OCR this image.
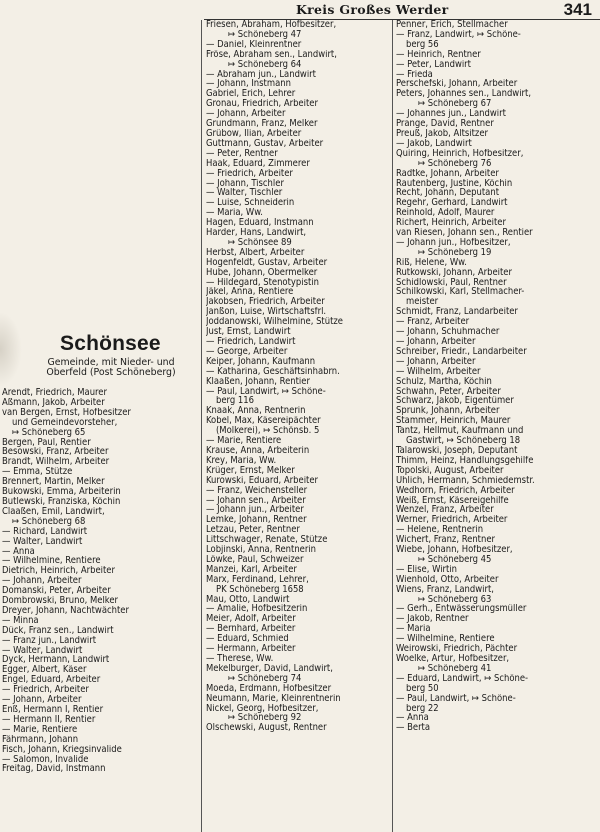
Kreis Großes Werder	341
Schönsee
Gemeinde, mit Nieder- und
Oberfeld (Post Schöneberg)
Arendt, Friedrich, Maurer
Aßmann, Jakob, Arbeiter
van Bergen, Ernst, Hofbesitzer
und Gemeindevorsteher,
↦ Schöneberg 65
Bergen, Paul, Rentier
Besowski, Franz, Arbeiter
Brandt, Wilhelm, Arbeiter
— Emma, Stütze
Brennert, Martin, Melker
Bukowski, Emma, Arbeiterin
Butlewski, Franziska, Köchin
Claaßen, Emil, Landwirt,
↦ Schöneberg 68
— Richard, Landwirt
— Walter, Landwirt
— Anna
— Wilhelmine, Rentiere
Dietrich, Heinrich, Arbeiter
— Johann, Arbeiter
Domanski, Peter, Arbeiter
Dombrowski, Bruno, Melker
Dreyer, Johann, Nachtwächter
— Minna
Dück, Franz sen., Landwirt
— Franz jun., Landwirt
— Walter, Landwirt
Dyck, Hermann, Landwirt
Egger, Albert, Käser
Engel, Eduard, Arbeiter
— Friedrich, Arbeiter
— Johann, Arbeiter
Enß, Hermann I, Rentier
— Hermann II, Rentier
— Marie, Rentiere
Fährmann, Johann
Fisch, Johann, Kriegsinvalide
— Salomon, Invalide
Freitag, David, Instmann
Friesen, Abraham, Hofbesitzer,
↦ Schöneberg 47
— Daniel, Kleinrentner
Fröse, Abraham sen., Landwirt,
↦ Schöneberg 64
— Abraham jun., Landwirt
— Johann, Instmann
Gabriel, Erich, Lehrer
Gronau, Friedrich, Arbeiter
— Johann, Arbeiter
Grundmann, Franz, Melker
Grübow, Ilian, Arbeiter
Guttmann, Gustav, Arbeiter
— Peter, Rentner
Haak, Eduard, Zimmerer
— Friedrich, Arbeiter
— Johann, Tischler
— Walter, Tischler
— Luise, Schneiderin
— Maria, Ww.
Hagen, Eduard, Instmann
Harder, Hans, Landwirt,
↦ Schönsee 89
Herbst, Albert, Arbeiter
Hogenfeldt, Gustav, Arbeiter
Hube, Johann, Obermelker
— Hildegard, Stenotypistin
Jäkel, Anna, Rentiere
Jakobsen, Friedrich, Arbeiter
Janßon, Luise, Wirtschaftsfrl.
Joddanowski, Wilhelmine, Stütze
Just, Ernst, Landwirt
— Friedrich, Landwirt
— George, Arbeiter
Keiper, Johann, Kaufmann
— Katharina, Geschäftsinhabrn.
Klaaßen, Johann, Rentier
— Paul, Landwirt, ↦ Schöne-
berg 116
Knaak, Anna, Rentnerin
Kobel, Max, Käsereipächter
(Molkerei), ↦ Schönsb. 5
— Marie, Rentiere
Krause, Anna, Arbeiterin
Krey, Maria, Ww.
Krüger, Ernst, Melker
Kurowski, Eduard, Arbeiter
— Franz, Weichensteller
— Johann sen., Arbeiter
— Johann jun., Arbeiter
Lemke, Johann, Rentner
Letzau, Peter, Rentner
Littschwager, Renate, Stütze
Lobjinski, Anna, Rentnerin
Löwke, Paul, Schweizer
Manzei, Karl, Arbeiter
Marx, Ferdinand, Lehrer,
PK Schöneberg 1658
Mau, Otto, Landwirt
— Amalie, Hofbesitzerin
Meier, Adolf, Arbeiter
— Bernhard, Arbeiter
— Eduard, Schmied
— Hermann, Arbeiter
— Therese, Ww.
Mekelburger, David, Landwirt,
↦ Schöneberg 74
Moeda, Erdmann, Hofbesitzer
Neumann, Marie, Kleinrentnerin
Nickel, Georg, Hofbesitzer,
↦ Schöneberg 92
Olschewski, August, Rentner
Penner, Erich, Stellmacher
— Franz, Landwirt, ↦ Schöne-
berg 56
— Heinrich, Rentner
— Peter, Landwirt
— Frieda
Perschefski, Johann, Arbeiter
Peters, Johannes sen., Landwirt,
↦ Schöneberg 67
— Johannes jun., Landwirt
Prange, David, Rentner
Preuß, Jakob, Altsitzer
— Jakob, Landwirt
Quiring, Heinrich, Hofbesitzer,
↦ Schöneberg 76
Radtke, Johann, Arbeiter
Rautenberg, Justine, Köchin
Recht, Johann, Deputant
Regehr, Gerhard, Landwirt
Reinhold, Adolf, Maurer
Richert, Heinrich, Arbeiter
van Riesen, Johann sen., Rentier
— Johann jun., Hofbesitzer,
↦ Schöneberg 19
Riß, Helene, Ww.
Rutkowski, Johann, Arbeiter
Schidlowski, Paul, Rentner
Schilkowski, Karl, Stellmacher-
meister
Schmidt, Franz, Landarbeiter
— Franz, Arbeiter
— Johann, Schuhmacher
— Johann, Arbeiter
Schreiber, Friedr., Landarbeiter
— Johann, Arbeiter
— Wilhelm, Arbeiter
Schulz, Martha, Köchin
Schwahn, Peter, Arbeiter
Schwarz, Jakob, Eigentümer
Sprunk, Johann, Arbeiter
Stammer, Heinrich, Maurer
Tantz, Hellmut, Kaufmann und
Gastwirt, ↦ Schöneberg 18
Talarowski, Joseph, Deputant
Thimm, Heinz, Handlungsgehilfe
Topolski, August, Arbeiter
Uhlich, Hermann, Schmiedemstr.
Wedhorn, Friedrich, Arbeiter
Weiß, Ernst, Käsereigehilfe
Wenzel, Franz, Arbeiter
Werner, Friedrich, Arbeiter
— Helene, Rentnerin
Wichert, Franz, Rentner
Wiebe, Johann, Hofbesitzer,
↦ Schöneberg 45
— Elise, Wirtin
Wienhold, Otto, Arbeiter
Wiens, Franz, Landwirt,
↦ Schöneberg 63
— Gerh., Entwässerungsmüller
— Jakob, Rentner
— Maria
— Wilhelmine, Rentiere
Weirowski, Friedrich, Pächter
Woelke, Artur, Hofbesitzer,
↦ Schöneberg 41
— Eduard, Landwirt, ↦ Schöne-
berg 50
— Paul, Landwirt, ↦ Schöne-
berg 22
— Anna
— Berta
